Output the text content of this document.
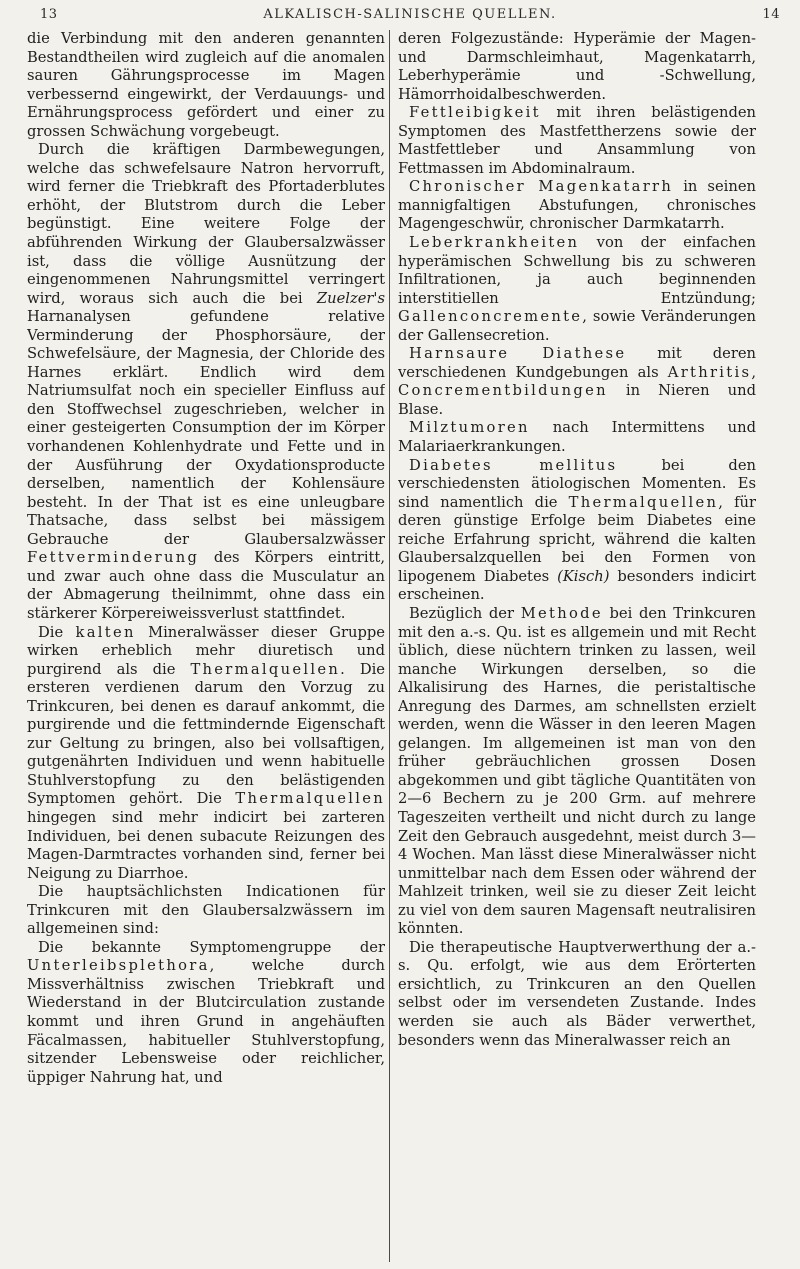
13	ALKALISCH-SALINISCHE QUELLEN.	14

die Verbindung mit den anderen genannten Bestandtheilen wird zugleich auf die anomalen sauren Gährungsprocesse im Magen verbessernd eingewirkt, der Verdauungs- und Ernährungsprocess gefördert und einer zu grossen Schwächung vorgebeugt.

Durch die kräftigen Darmbewegungen, welche das schwefelsaure Natron hervorruft, wird ferner die Triebkraft des Pfortaderblutes erhöht, der Blutstrom durch die Leber begünstigt. Eine weitere Folge der abführenden Wirkung der Glaubersalzwässer ist, dass die völlige Ausnützung der eingenommenen Nahrungsmittel verringert wird, woraus sich auch die bei Zuelzer's Harnanalysen gefundene relative Verminderung der Phosphorsäure, der Schwefelsäure, der Magnesia, der Chloride des Harnes erklärt. Endlich wird dem Natriumsulfat noch ein specieller Einfluss auf den Stoffwechsel zugeschrieben, welcher in einer gesteigerten Consumption der im Körper vorhandenen Kohlenhydrate und Fette und in der Ausführung der Oxydationsproducte derselben, namentlich der Kohlensäure besteht. In der That ist es eine unleugbare Thatsache, dass selbst bei mässigem Gebrauche der Glaubersalzwässer Fettverminderung des Körpers eintritt, und zwar auch ohne dass die Musculatur an der Abmagerung theilnimmt, ohne dass ein stärkerer Körpereiweissverlust stattfindet.

Die kalten Mineralwässer dieser Gruppe wirken erheblich mehr diuretisch und purgirend als die Thermalquellen. Die ersteren verdienen darum den Vorzug zu Trinkcuren, bei denen es darauf ankommt, die purgirende und die fettmindernde Eigenschaft zur Geltung zu bringen, also bei vollsaftigen, gutgenährten Individuen und wenn habituelle Stuhlverstopfung zu den belästigenden Symptomen gehört. Die Thermalquellen hingegen sind mehr indicirt bei zarteren Individuen, bei denen subacute Reizungen des Magen-Darmtractes vorhanden sind, ferner bei Neigung zu Diarrhoe.

Die hauptsächlichsten Indicationen für Trinkcuren mit den Glaubersalzwässern im allgemeinen sind:

Die bekannte Symptomengruppe der Unterleibsplethora, welche durch Missverhältniss zwischen Triebkraft und Wiederstand in der Blutcirculation zustande kommt und ihren Grund in angehäuften Fäcalmassen, habitueller Stuhlverstopfung, sitzender Lebensweise oder reichlicher, üppiger Nahrung hat, und

deren Folgezustände: Hyperämie der Magen- und Darmschleimhaut, Magenkatarrh, Leberhyperämie und -Schwellung, Hämorrhoidalbeschwerden.

Fettleibigkeit mit ihren belästigenden Symptomen des Mastfettherzens sowie der Mastfettleber und Ansammlung von Fettmassen im Abdominalraum.

Chronischer Magenkatarrh in seinen mannigfaltigen Abstufungen, chronisches Magengeschwür, chronischer Darmkatarrh.

Leberkrankheiten von der einfachen hyperämischen Schwellung bis zu schweren Infiltrationen, ja auch beginnenden interstitiellen Entzündung; Gallenconcremente, sowie Veränderungen der Gallensecretion.

Harnsaure Diathese mit deren verschiedenen Kundgebungen als Arthritis, Concrementbildungen in Nieren und Blase.

Milztumoren nach Intermittens und Malariaerkrankungen.

Diabetes mellitus bei den verschiedensten ätiologischen Momenten. Es sind namentlich die Thermalquellen, für deren günstige Erfolge beim Diabetes eine reiche Erfahrung spricht, während die kalten Glaubersalzquellen bei den Formen von lipogenem Diabetes (Kisch) besonders indicirt erscheinen.

Bezüglich der Methode bei den Trinkcuren mit den a.-s. Qu. ist es allgemein und mit Recht üblich, diese nüchtern trinken zu lassen, weil manche Wirkungen derselben, so die Alkalisirung des Harnes, die peristaltische Anregung des Darmes, am schnellsten erzielt werden, wenn die Wässer in den leeren Magen gelangen. Im allgemeinen ist man von den früher gebräuchlichen grossen Dosen abgekommen und gibt tägliche Quantitäten von 2—6 Bechern zu je 200 Grm. auf mehrere Tageszeiten vertheilt und nicht durch zu lange Zeit den Gebrauch ausgedehnt, meist durch 3—4 Wochen. Man lässt diese Mineralwässer nicht unmittelbar nach dem Essen oder während der Mahlzeit trinken, weil sie zu dieser Zeit leicht zu viel von dem sauren Magensaft neutralisiren könnten.

Die therapeutische Hauptverwerthung der a.-s. Qu. erfolgt, wie aus dem Erörterten ersichtlich, zu Trinkcuren an den Quellen selbst oder im versendeten Zustande. Indes werden sie auch als Bäder verwerthet, besonders wenn das Mineralwasser reich an
